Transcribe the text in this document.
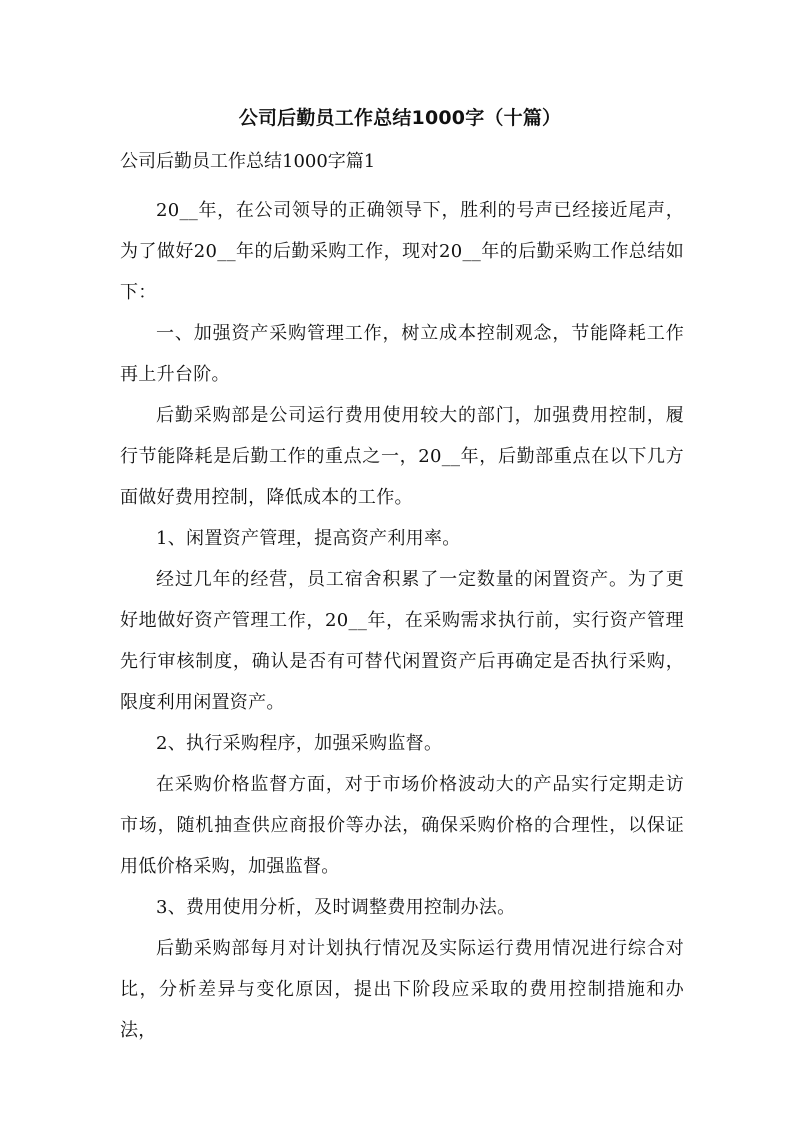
公司后勤员工作总结1000字（十篇）
公司后勤员工作总结1000字篇1

20__年，在公司领导的正确领导下，胜利的号声已经接近尾声，为了做好20__年的后勤采购工作，现对20__年的后勤采购工作总结如下：

一、加强资产采购管理工作，树立成本控制观念，节能降耗工作再上升台阶。

后勤采购部是公司运行费用使用较大的部门，加强费用控制，履行节能降耗是后勤工作的重点之一，20__年，后勤部重点在以下几方面做好费用控制，降低成本的工作。

1、闲置资产管理，提高资产利用率。

经过几年的经营，员工宿舍积累了一定数量的闲置资产。为了更好地做好资产管理工作，20__年，在采购需求执行前，实行资产管理先行审核制度，确认是否有可替代闲置资产后再确定是否执行采购，限度利用闲置资产。

2、执行采购程序，加强采购监督。

在采购价格监督方面，对于市场价格波动大的产品实行定期走访市场，随机抽查供应商报价等办法，确保采购价格的合理性，以保证用低价格采购，加强监督。

3、费用使用分析，及时调整费用控制办法。

后勤采购部每月对计划执行情况及实际运行费用情况进行综合对比，分析差异与变化原因，提出下阶段应采取的费用控制措施和办法，
